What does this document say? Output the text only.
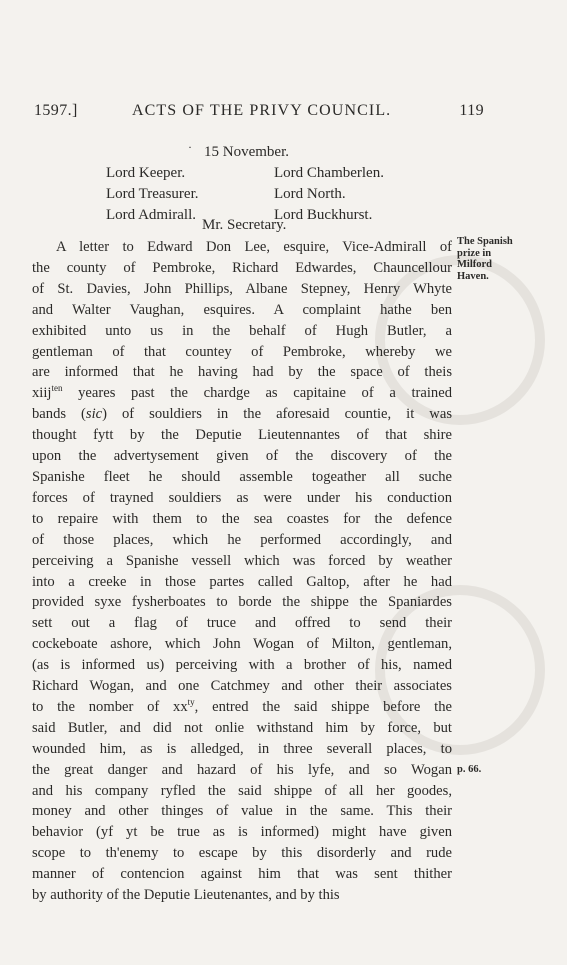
1597.]	ACTS OF THE PRIVY COUNCIL.	119
· 15 November.
Lord Keeper.
Lord Treasurer.
Lord Admirall.
Lord Chamberlen.
Lord North.
Lord Buckhurst.
Mr. Secretary.
The Spanish
prize in
Milford
Haven.
p. 66.
A letter to Edward Don Lee, esquire, Vice-Admirall of
the county of Pembroke, Richard Edwardes, Chauncellour
of St. Davies, John Phillips, Albane Stepney, Henry Whyte
and Walter Vaughan, esquires. A complaint hathe ben
exhibited unto us in the behalf of Hugh Butler, a
gentleman of that countey of Pembroke, whereby we
are informed that he having had by the space of theis
xiij$^{ten}$ yeares past the chardge as capitaine of a trained
bands (sic) of souldiers in the aforesaid countie, it was
thought fytt by the Deputie Lieutennantes of that shire
upon the advertysement given of the discovery of the
Spanishe fleet he should assemble togeather all suche
forces of trayned souldiers as were under his conduction
to repaire with them to the sea coastes for the defence
of those places, which he performed accordingly, and
perceiving a Spanishe vessell which was forced by weather
into a creeke in those partes called Galtop, after he had
provided syxe fysherboates to borde the shippe the Spaniardes
sett out a flag of truce and offred to send their
cockeboate ashore, which John Wogan of Milton, gentleman,
(as is informed us) perceiving with a brother of his, named
Richard Wogan, and one Catchmey and other their associates
to the nomber of $xx^{ty}$, entred the said shippe before the
said Butler, and did not onlie withstand him by force, but
wounded him, as is alledged, in three severall places, to
the great danger and hazard of his lyfe, and so Wogan
and his company ryfled the said shippe of all her goodes,
money and other thinges of value in the same. This their
behavior (yf yt be true as is informed) might have given
scope to th'enemy to escape by this disorderly and rude
manner of contencion against him that was sent thither
by authority of the Deputie Lieutenantes, and by this
